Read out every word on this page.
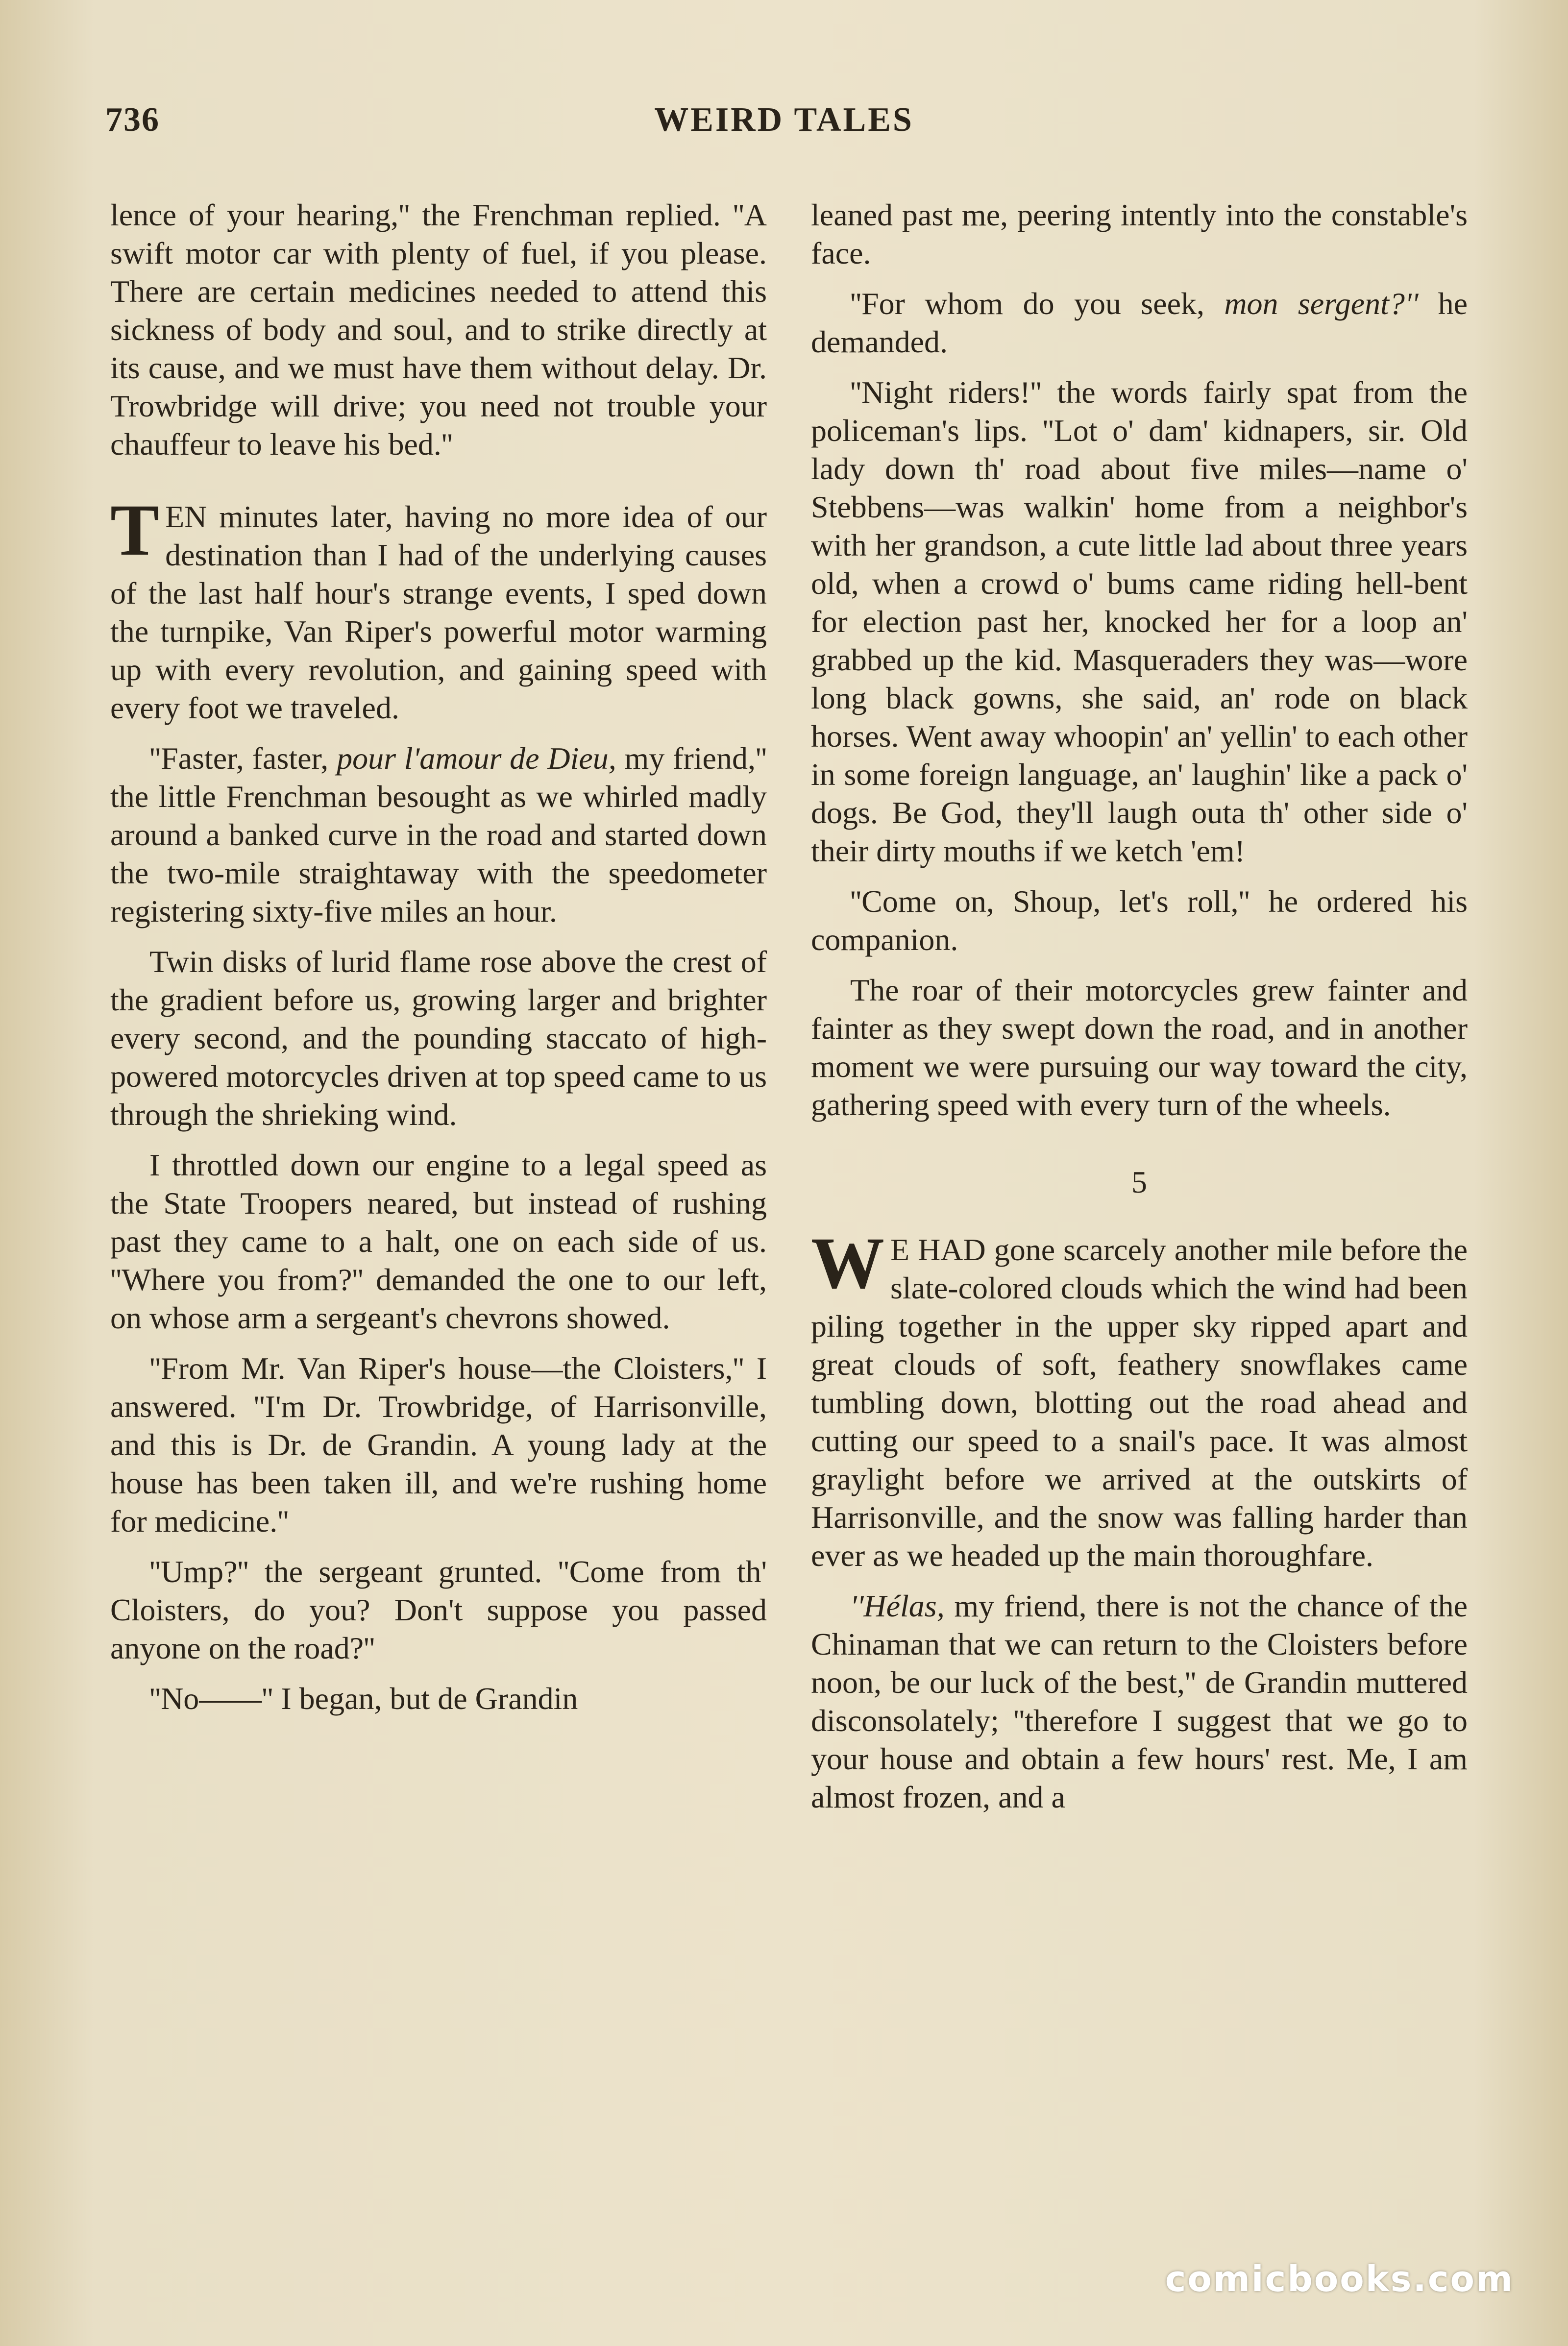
736	WEIRD TALES

lence of your hearing,'' the Frenchman replied. ''A swift motor car with plenty of fuel, if you please. There are certain medicines needed to attend this sickness of body and soul, and to strike directly at its cause, and we must have them without delay. Dr. Trowbridge will drive; you need not trouble your chauffeur to leave his bed.''

TEN minutes later, having no more idea of our destination than I had of the underlying causes of the last half hour's strange events, I sped down the turnpike, Van Riper's powerful motor warming up with every revolution, and gaining speed with every foot we traveled.

''Faster, faster, pour l'amour de Dieu, my friend,'' the little Frenchman besought as we whirled madly around a banked curve in the road and started down the two-mile straightaway with the speedometer registering sixty-five miles an hour.

Twin disks of lurid flame rose above the crest of the gradient before us, growing larger and brighter every second, and the pounding staccato of high-powered motorcycles driven at top speed came to us through the shrieking wind.

I throttled down our engine to a legal speed as the State Troopers neared, but instead of rushing past they came to a halt, one on each side of us. ''Where you from?'' demanded the one to our left, on whose arm a sergeant's chevrons showed.

''From Mr. Van Riper's house—the Cloisters,'' I answered. ''I'm Dr. Trowbridge, of Harrisonville, and this is Dr. de Grandin. A young lady at the house has been taken ill, and we're rushing home for medicine.''

''Ump?'' the sergeant grunted. ''Come from th' Cloisters, do you? Don't suppose you passed anyone on the road?''

''No——'' I began, but de Grandin

leaned past me, peering intently into the constable's face.

''For whom do you seek, mon sergent?'' he demanded.

''Night riders!'' the words fairly spat from the policeman's lips. ''Lot o' dam' kidnapers, sir. Old lady down th' road about five miles—name o' Stebbens—was walkin' home from a neighbor's with her grandson, a cute little lad about three years old, when a crowd o' bums came riding hell-bent for election past her, knocked her for a loop an' grabbed up the kid. Masqueraders they was—wore long black gowns, she said, an' rode on black horses. Went away whoopin' an' yellin' to each other in some foreign language, an' laughin' like a pack o' dogs. Be God, they'll laugh outa th' other side o' their dirty mouths if we ketch 'em!

''Come on, Shoup, let's roll,'' he ordered his companion.

The roar of their motorcycles grew fainter and fainter as they swept down the road, and in another moment we were pursuing our way toward the city, gathering speed with every turn of the wheels.

5

W E HAD gone scarcely another mile before the slate-colored clouds which the wind had been piling together in the upper sky ripped apart and great clouds of soft, feathery snowflakes came tumbling down, blotting out the road ahead and cutting our speed to a snail's pace. It was almost graylight before we arrived at the outskirts of Harrisonville, and the snow was falling harder than ever as we headed up the main thoroughfare.

''Hélas, my friend, there is not the chance of the Chinaman that we can return to the Cloisters before noon, be our luck of the best,'' de Grandin muttered disconsolately; ''therefore I suggest that we go to your house and obtain a few hours' rest. Me, I am almost frozen, and a

comicbooks.com
